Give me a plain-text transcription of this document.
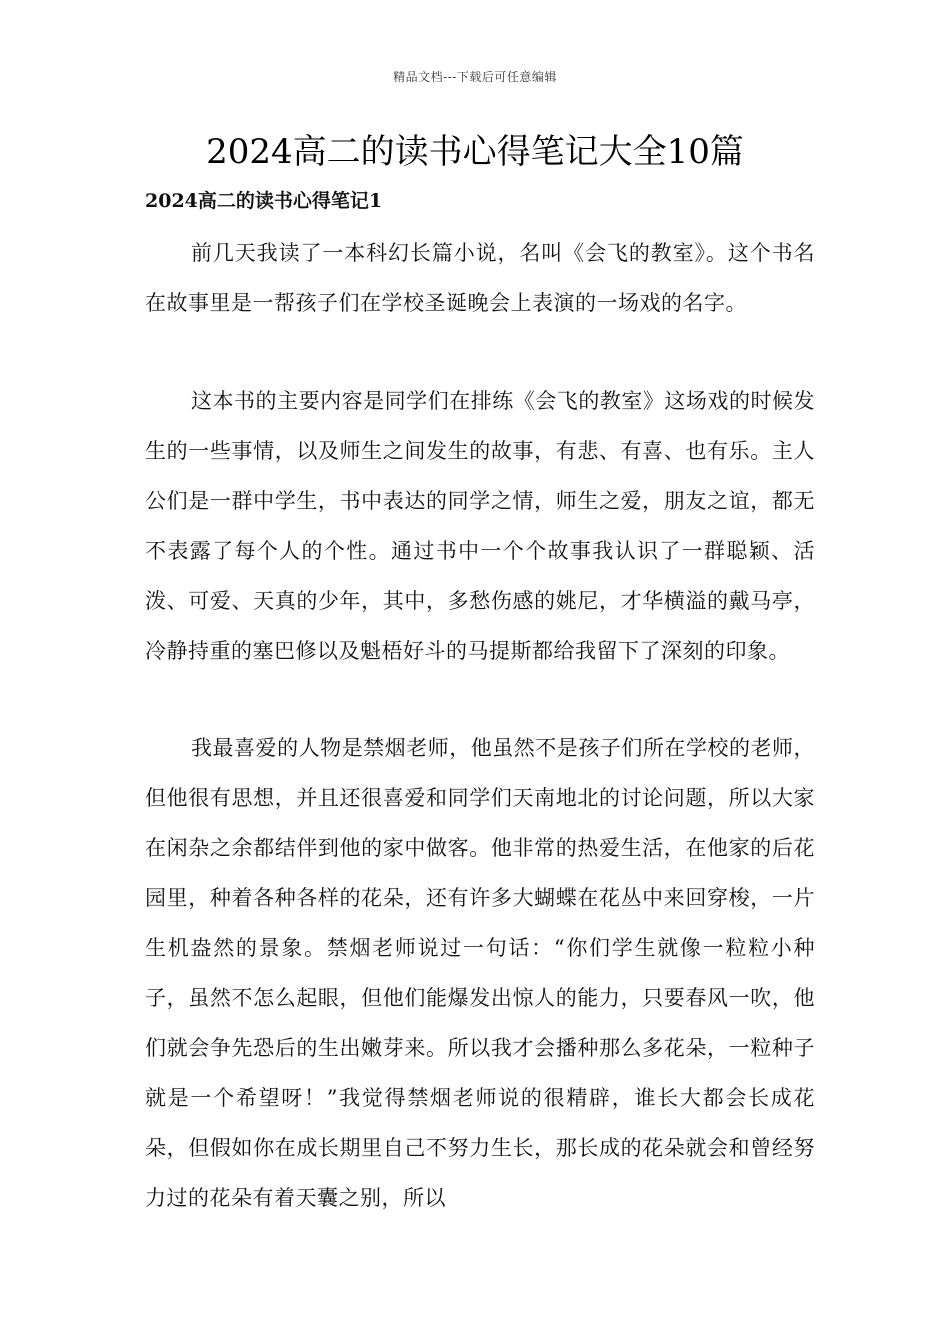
精品文档---下载后可任意编辑
2024高二的读书心得笔记大全10篇
2024高二的读书心得笔记1

前几天我读了一本科幻长篇小说，名叫《会飞的教室》。这个书名在故事里是一帮孩子们在学校圣诞晚会上表演的一场戏的名字。

这本书的主要内容是同学们在排练《会飞的教室》这场戏的时候发生的一些事情，以及师生之间发生的故事，有悲、有喜、也有乐。主人公们是一群中学生，书中表达的同学之情，师生之爱，朋友之谊，都无不表露了每个人的个性。通过书中一个个故事我认识了一群聪颖、活泼、可爱、天真的少年，其中，多愁伤感的姚尼，才华横溢的戴马亭，冷静持重的塞巴修以及魁梧好斗的马提斯都给我留下了深刻的印象。

我最喜爱的人物是禁烟老师，他虽然不是孩子们所在学校的老师，但他很有思想，并且还很喜爱和同学们天南地北的讨论问题，所以大家在闲杂之余都结伴到他的家中做客。他非常的热爱生活，在他家的后花园里，种着各种各样的花朵，还有许多大蝴蝶在花丛中来回穿梭，一片生机盎然的景象。禁烟老师说过一句话：“你们学生就像一粒粒小种子，虽然不怎么起眼，但他们能爆发出惊人的能力，只要春风一吹，他们就会争先恐后的生出嫩芽来。所以我才会播种那么多花朵，一粒种子就是一个希望呀！”我觉得禁烟老师说的很精辟，谁长大都会长成花朵，但假如你在成长期里自己不努力生长，那长成的花朵就会和曾经努力过的花朵有着天囊之别，所以
